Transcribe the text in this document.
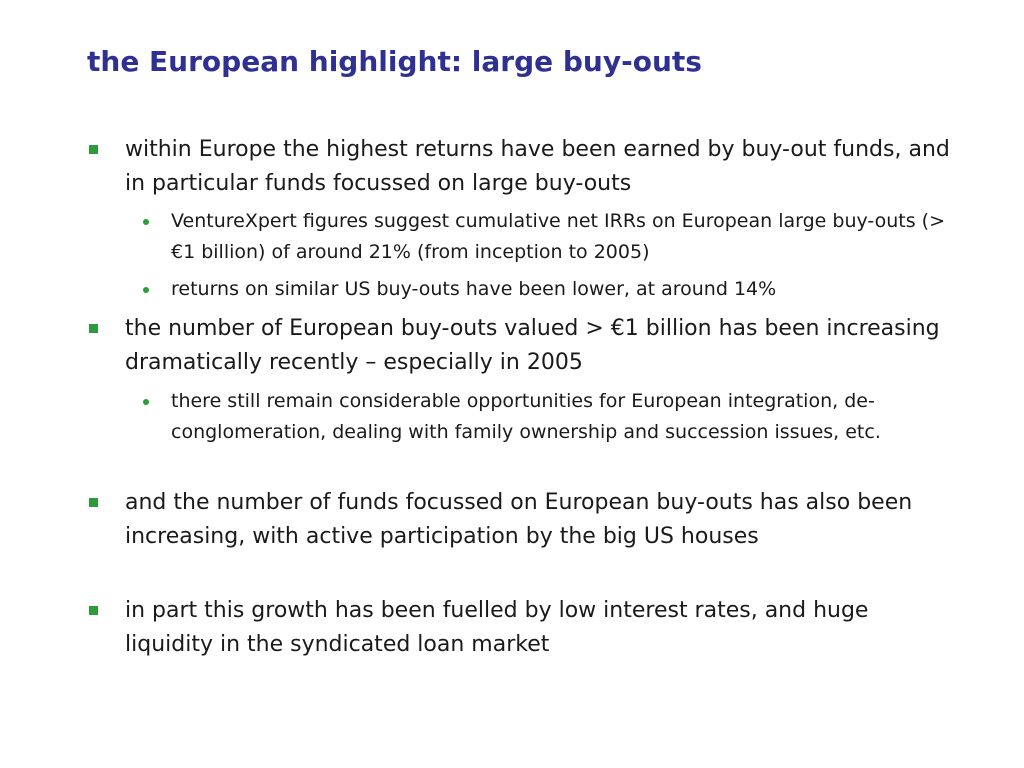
the European highlight: large buy-outs
within Europe the highest returns have been earned by buy-out funds, and in particular funds focussed on large buy-outs
VentureXpert figures suggest cumulative net IRRs on European large buy-outs (> €1 billion) of around 21% (from inception to 2005)
returns on similar US buy-outs have been lower, at around 14%
the number of European buy-outs valued > €1 billion has been increasing dramatically recently – especially in 2005
there still remain considerable opportunities for European integration, de-conglomeration, dealing with family ownership and succession issues, etc.
and the number of funds focussed on European buy-outs has also been increasing, with active participation by the big US houses
in part this growth has been fuelled by low interest rates, and huge liquidity in the syndicated loan market
